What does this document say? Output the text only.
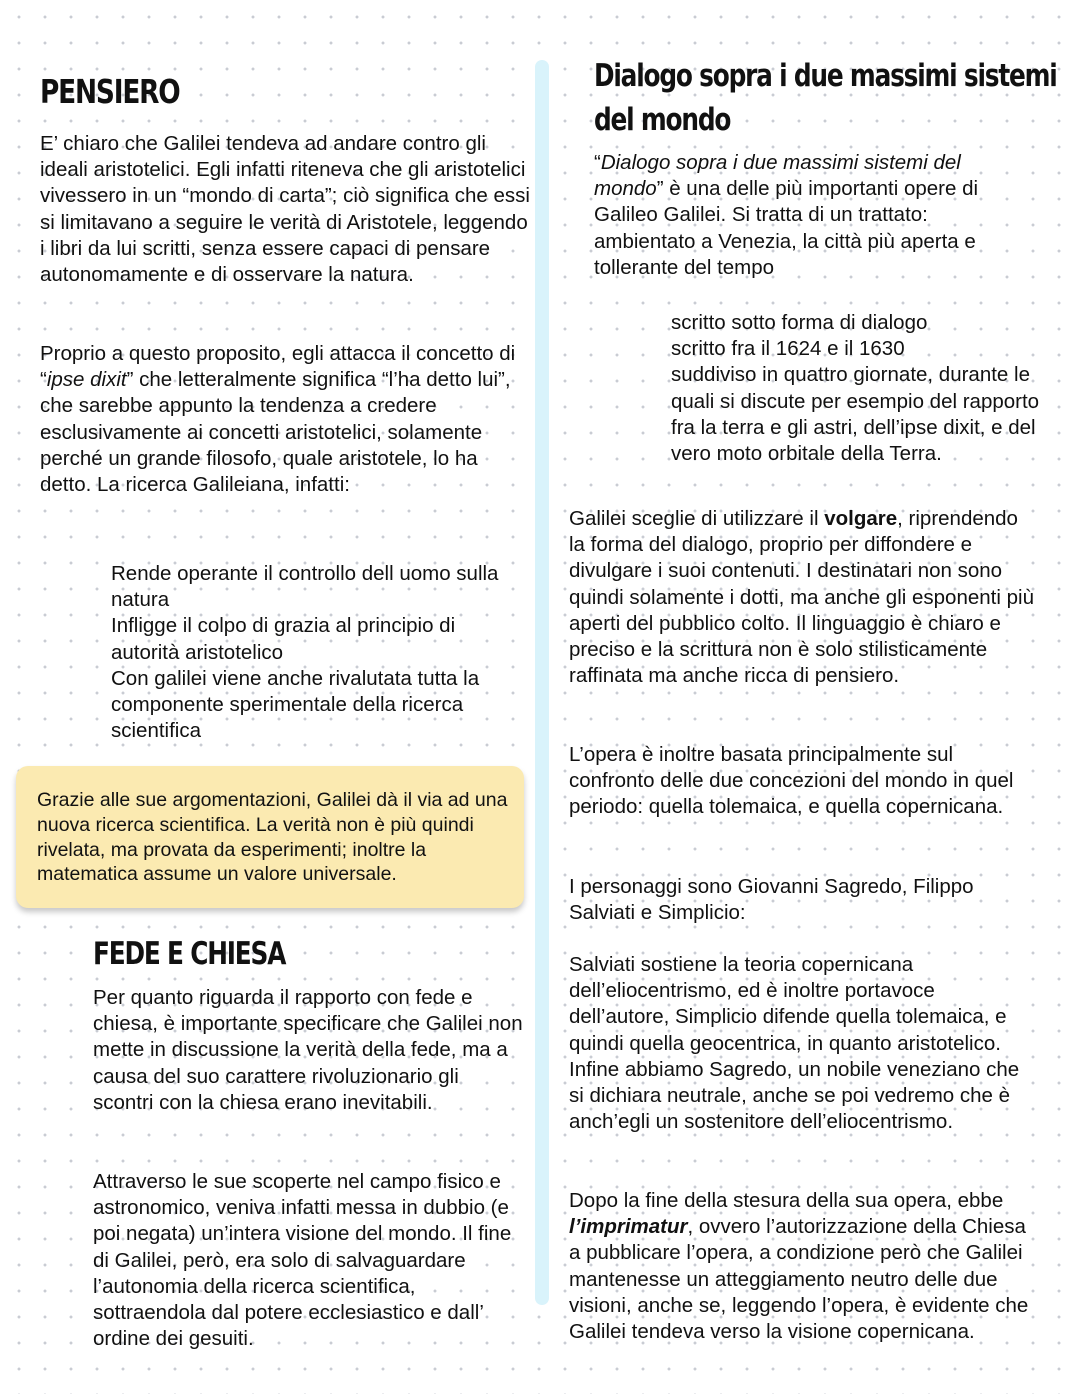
PENSIERO

E’ chiaro che Galilei tendeva ad andare contro gli ideali aristotelici. Egli infatti riteneva che gli aristotelici vivessero in un “mondo di carta”; ciò significa che essi si limitavano a seguire le verità di Aristotele, leggendo i libri da lui scritti, senza essere capaci di pensare autonomamente e di osservare la natura.

Proprio a questo proposito, egli attacca il concetto di “ipse dixit” che letteralmente significa “l’ha detto lui”, che sarebbe appunto la tendenza a credere esclusivamente ai concetti aristotelici, solamente perché un grande filosofo, quale aristotele, lo ha detto. La ricerca Galileiana, infatti:

Rende operante il controllo dell uomo sulla natura
Infligge il colpo di grazia al principio di autorità aristotelico
Con galilei viene anche rivalutata tutta la componente sperimentale della ricerca scientifica

Grazie alle sue argomentazioni, Galilei dà il via ad una nuova ricerca scientifica. La verità non è più quindi rivelata, ma provata da esperimenti; inoltre la matematica assume un valore universale.

FEDE E CHIESA

Per quanto riguarda il rapporto con fede e chiesa, è importante specificare che Galilei non mette in discussione la verità della fede, ma a causa del suo carattere rivoluzionario gli scontri con la chiesa erano inevitabili.

Attraverso le sue scoperte nel campo fisico e astronomico, veniva infatti messa in dubbio (e poi negata) un’intera visione del mondo. Il fine di Galilei, però, era solo di salvaguardare l’autonomia della ricerca scientifica, sottraendola dal potere ecclesiastico e dall’ ordine dei gesuiti.

Dialogo sopra i due massimi sistemi
del mondo

“Dialogo sopra i due massimi sistemi del mondo” è una delle più importanti opere di Galileo Galilei. Si tratta di un trattato: ambientato a Venezia, la città più aperta e tollerante del tempo

scritto sotto forma di dialogo
scritto fra il 1624 e il 1630
suddiviso in quattro giornate, durante le quali si discute per esempio del rapporto fra la terra e gli astri, dell’ipse dixit, e del vero moto orbitale della Terra.

Galilei sceglie di utilizzare il volgare, riprendendo la forma del dialogo, proprio per diffondere e divulgare i suoi contenuti. I destinatari non sono quindi solamente i dotti, ma anche gli esponenti più aperti del pubblico colto. Il linguaggio è chiaro e preciso e la scrittura non è solo stilisticamente raffinata ma anche ricca di pensiero.

L’opera è inoltre basata principalmente sul confronto delle due concezioni del mondo in quel periodo: quella tolemaica, e quella copernicana.

I personaggi sono Giovanni Sagredo, Filippo Salviati e Simplicio:

Salviati sostiene la teoria copernicana dell’eliocentrismo, ed è inoltre portavoce dell’autore, Simplicio difende quella tolemaica, e quindi quella geocentrica, in quanto aristotelico. Infine abbiamo Sagredo, un nobile veneziano che si dichiara neutrale, anche se poi vedremo che è anch’egli un sostenitore dell’eliocentrismo.

Dopo la fine della stesura della sua opera, ebbe l’imprimatur, ovvero l’autorizzazione della Chiesa a pubblicare l’opera, a condizione però che Galilei mantenesse un atteggiamento neutro delle due visioni, anche se, leggendo l’opera, è evidente che Galilei tendeva verso la visione copernicana.
